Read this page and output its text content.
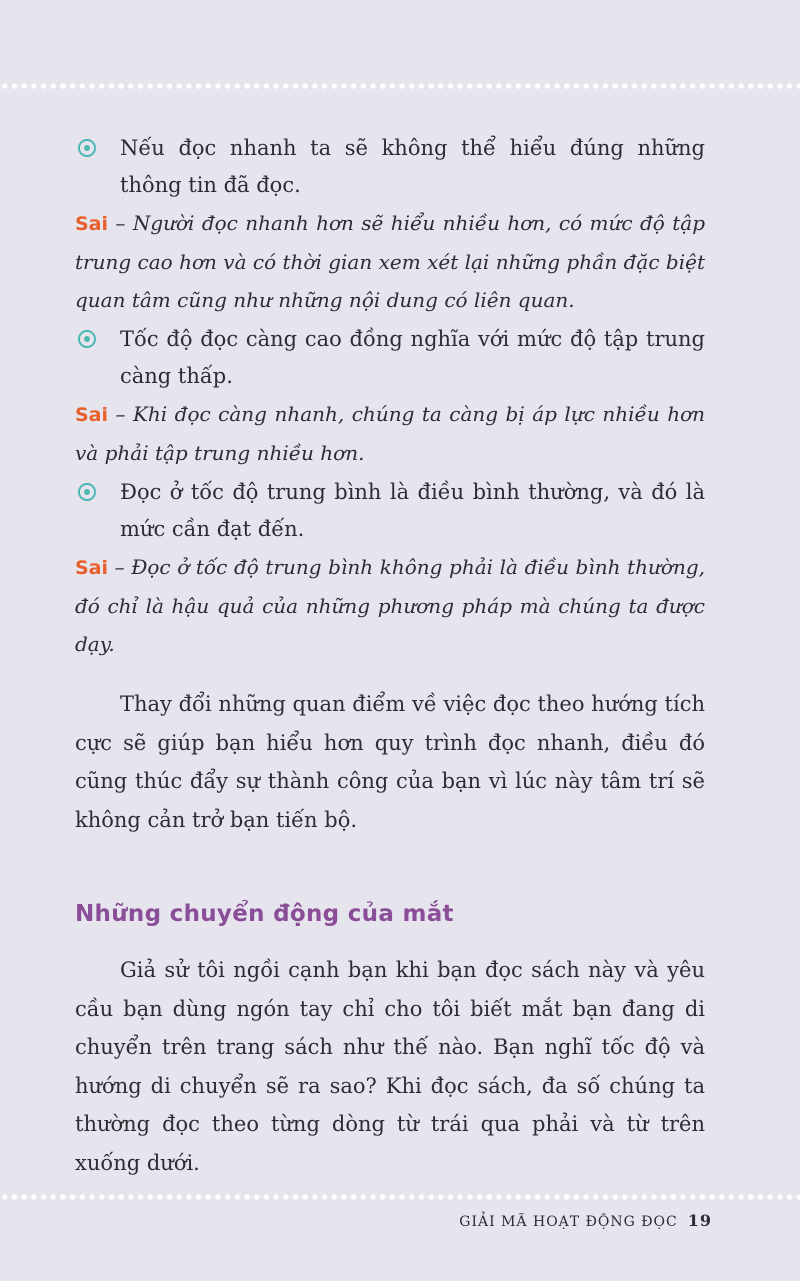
Nếu đọc nhanh ta sẽ không thể hiểu đúng những thông tin đã đọc.

Sai – Người đọc nhanh hơn sẽ hiểu nhiều hơn, có mức độ tập trung cao hơn và có thời gian xem xét lại những phần đặc biệt quan tâm cũng như những nội dung có liên quan.

Tốc độ đọc càng cao đồng nghĩa với mức độ tập trung càng thấp.

Sai – Khi đọc càng nhanh, chúng ta càng bị áp lực nhiều hơn và phải tập trung nhiều hơn.

Đọc ở tốc độ trung bình là điều bình thường, và đó là mức cần đạt đến.

Sai – Đọc ở tốc độ trung bình không phải là điều bình thường, đó chỉ là hậu quả của những phương pháp mà chúng ta được dạy.

Thay đổi những quan điểm về việc đọc theo hướng tích cực sẽ giúp bạn hiểu hơn quy trình đọc nhanh, điều đó cũng thúc đẩy sự thành công của bạn vì lúc này tâm trí sẽ không cản trở bạn tiến bộ.

Những chuyển động của mắt

Giả sử tôi ngồi cạnh bạn khi bạn đọc sách này và yêu cầu bạn dùng ngón tay chỉ cho tôi biết mắt bạn đang di chuyển trên trang sách như thế nào. Bạn nghĩ tốc độ và hướng di chuyển sẽ ra sao? Khi đọc sách, đa số chúng ta thường đọc theo từng dòng từ trái qua phải và từ trên xuống dưới.

GIẢI MÃ HOẠT ĐỘNG ĐỌC 19
